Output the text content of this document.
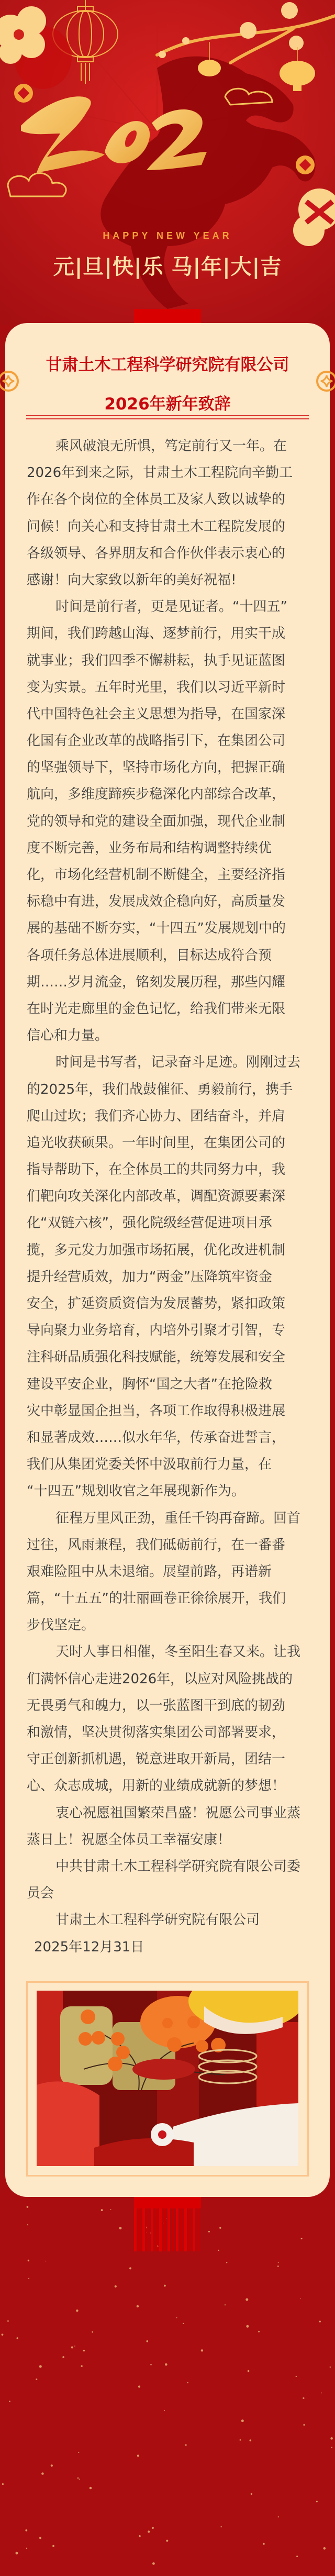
HAPPY NEW YEAR
元|旦|快|乐 马|年|大|吉
甘肃土木工程科学研究院有限公司
2026年新年致辞
乘风破浪无所惧，笃定前行又一年。在
2026年到来之际，甘肃土木工程院向辛勤工
作在各个岗位的全体员工及家人致以诚挚的
问候！向关心和支持甘肃土木工程院发展的
各级领导、各界朋友和合作伙伴表示衷心的
感谢！向大家致以新年的美好祝福!
时间是前行者，更是见证者。“十四五”
期间，我们跨越山海、逐梦前行，用实干成
就事业；我们四季不懈耕耘，执手见证蓝图
变为实景。五年时光里，我们以习近平新时
代中国特色社会主义思想为指导，在国家深
化国有企业改革的战略指引下，在集团公司
的坚强领导下，坚持市场化方向，把握正确
航向，多维度蹄疾步稳深化内部综合改革，
党的领导和党的建设全面加强，现代企业制
度不断完善，业务布局和结构调整持续优
化，市场化经营机制不断健全，主要经济指
标稳中有进，发展成效企稳向好，高质量发
展的基础不断夯实，“十四五”发展规划中的
各项任务总体进展顺利，目标达成符合预
期……岁月流金，铭刻发展历程，那些闪耀
在时光走廊里的金色记忆，给我们带来无限
信心和力量。
时间是书写者，记录奋斗足迹。刚刚过去
的2025年，我们战鼓催征、勇毅前行，携手
爬山过坎；我们齐心协力、团结奋斗，并肩
追光收获硕果。一年时间里，在集团公司的
指导帮助下，在全体员工的共同努力中，我
们靶向攻关深化内部改革，调配资源要素深
化“双链六核”，强化院级经营促进项目承
揽，多元发力加强市场拓展，优化改进机制
提升经营质效，加力“两金”压降筑牢资金
安全，扩延资质资信为发展蓄势，紧扣政策
导向聚力业务培育，内培外引聚才引智，专
注科研品质强化科技赋能，统筹发展和安全
建设平安企业，胸怀“国之大者”在抢险救
灾中彰显国企担当，各项工作取得积极进展
和显著成效……似水年华，传承奋进誓言，
我们从集团党委关怀中汲取前行力量，在
“十四五”规划收官之年展现新作为。
征程万里风正劲，重任千钧再奋蹄。回首
过往，风雨兼程，我们砥砺前行，在一番番
艰难险阻中从未退缩。展望前路，再谱新
篇，“十五五”的壮丽画卷正徐徐展开，我们
步伐坚定。
天时人事日相催，冬至阳生春又来。让我
们满怀信心走进2026年，以应对风险挑战的
无畏勇气和魄力，以一张蓝图干到底的韧劲
和激情，坚决贯彻落实集团公司部署要求，
守正创新抓机遇，锐意进取开新局，团结一
心、众志成城，用新的业绩成就新的梦想！
衷心祝愿祖国繁荣昌盛！祝愿公司事业蒸
蒸日上！祝愿全体员工幸福安康！
中共甘肃土木工程科学研究院有限公司委
员会
甘肃土木工程科学研究院有限公司
2025年12月31日
